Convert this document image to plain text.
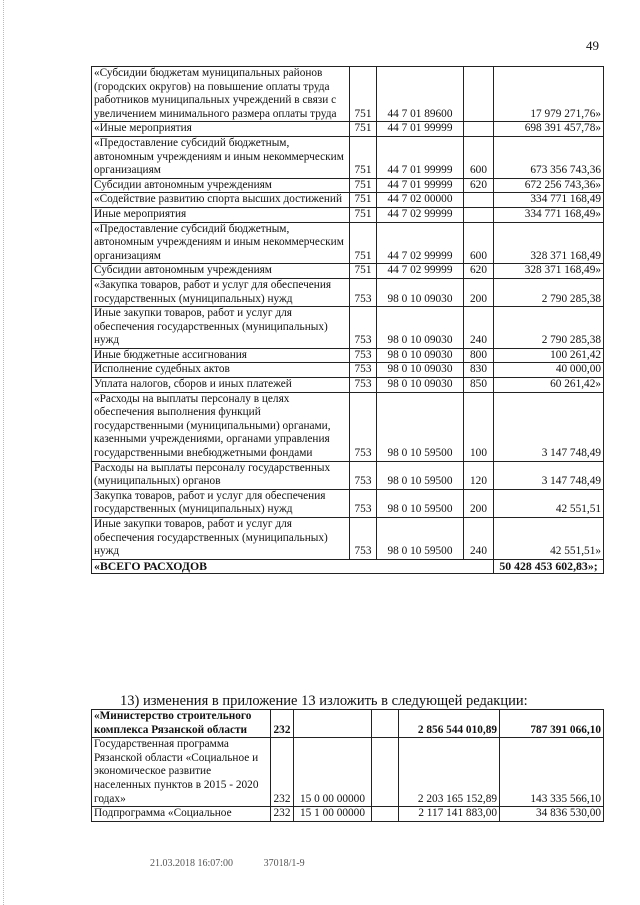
49
«Субсидии бюджетам муниципальных районов (городских округов) на повышение оплаты труда работников муниципальных учреждений в связи с увеличением минимального размера оплаты труда	751	44 7 01 89600		17 979 271,76»
«Иные мероприятия	751	44 7 01 99999		698 391 457,78»
«Предоставление субсидий бюджетным, автономным учреждениям и иным некоммерческим организациям	751	44 7 01 99999	600	673 356 743,36
Субсидии автономным учреждениям	751	44 7 01 99999	620	672 256 743,36»
«Содействие развитию спорта высших достижений	751	44 7 02 00000		334 771 168,49
Иные мероприятия	751	44 7 02 99999		334 771 168,49»
«Предоставление субсидий бюджетным, автономным учреждениям и иным некоммерческим организациям	751	44 7 02 99999	600	328 371 168,49
Субсидии автономным учреждениям	751	44 7 02 99999	620	328 371 168,49»
«Закупка товаров, работ и услуг для обеспечения государственных (муниципальных) нужд	753	98 0 10 09030	200	2 790 285,38
Иные закупки товаров, работ и услуг для обеспечения государственных (муниципальных) нужд	753	98 0 10 09030	240	2 790 285,38
Иные бюджетные ассигнования	753	98 0 10 09030	800	100 261,42
Исполнение судебных актов	753	98 0 10 09030	830	40 000,00
Уплата налогов, сборов и иных платежей	753	98 0 10 09030	850	60 261,42»
«Расходы на выплаты персоналу в целях обеспечения выполнения функций государственными (муниципальными) органами, казенными учреждениями, органами управления государственными внебюджетными фондами	753	98 0 10 59500	100	3 147 748,49
Расходы на выплаты персоналу государственных (муниципальных) органов	753	98 0 10 59500	120	3 147 748,49
Закупка товаров, работ и услуг для обеспечения государственных (муниципальных) нужд	753	98 0 10 59500	200	42 551,51
Иные закупки товаров, работ и услуг для обеспечения государственных (муниципальных) нужд	753	98 0 10 59500	240	42 551,51»
«ВСЕГО РАСХОДОВ				50 428 453 602,83»;
13) изменения в приложение 13 изложить в следующей редакции:
«Министерство строительного комплекса Рязанской области	232			2 856 544 010,89	787 391 066,10
Государственная программа Рязанской области «Социальное и экономическое развитие населенных пунктов в 2015 - 2020 годах»	232	15 0 00 00000		2 203 165 152,89	143 335 566,10
Подпрограмма «Социальное	232	15 1 00 00000		2 117 141 883,00	34 836 530,00
21.03.2018 16:07:00	37018/1-9
